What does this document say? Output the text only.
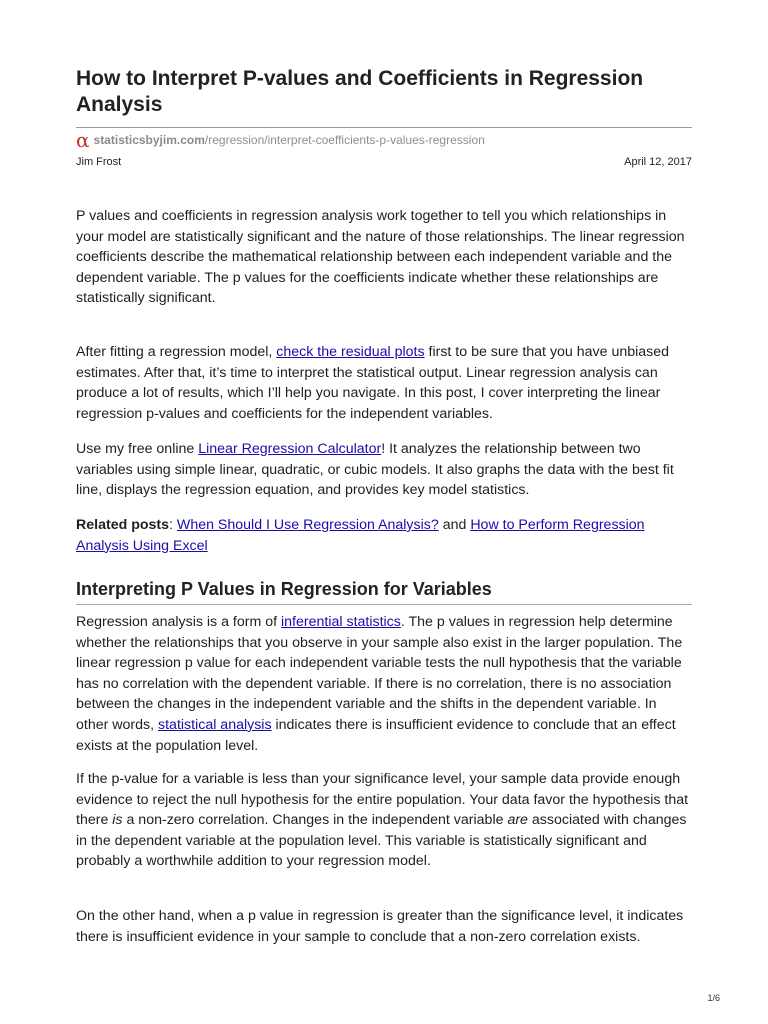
How to Interpret P-values and Coefficients in Regression Analysis
αstatisticsbyjim.com/regression/interpret-coefficients-p-values-regression
Jim Frost	April 12, 2017

P values and coefficients in regression analysis work together to tell you which relationships in your model are statistically significant and the nature of those relationships. The linear regression coefficients describe the mathematical relationship between each independent variable and the dependent variable. The p values for the coefficients indicate whether these relationships are statistically significant.

After fitting a regression model, check the residual plots first to be sure that you have unbiased estimates. After that, it’s time to interpret the statistical output. Linear regression analysis can produce a lot of results, which I’ll help you navigate. In this post, I cover interpreting the linear regression p-values and coefficients for the independent variables.

Use my free online Linear Regression Calculator! It analyzes the relationship between two variables using simple linear, quadratic, or cubic models. It also graphs the data with the best fit line, displays the regression equation, and provides key model statistics.

Related posts: When Should I Use Regression Analysis? and How to Perform Regression Analysis Using Excel

Interpreting P Values in Regression for Variables

Regression analysis is a form of inferential statistics. The p values in regression help determine whether the relationships that you observe in your sample also exist in the larger population. The linear regression p value for each independent variable tests the null hypothesis that the variable has no correlation with the dependent variable. If there is no correlation, there is no association between the changes in the independent variable and the shifts in the dependent variable. In other words, statistical analysis indicates there is insufficient evidence to conclude that an effect exists at the population level.

If the p-value for a variable is less than your significance level, your sample data provide enough evidence to reject the null hypothesis for the entire population. Your data favor the hypothesis that there is a non-zero correlation. Changes in the independent variable are associated with changes in the dependent variable at the population level. This variable is statistically significant and probably a worthwhile addition to your regression model.

On the other hand, when a p value in regression is greater than the significance level, it indicates there is insufficient evidence in your sample to conclude that a non-zero correlation exists.

1/6
